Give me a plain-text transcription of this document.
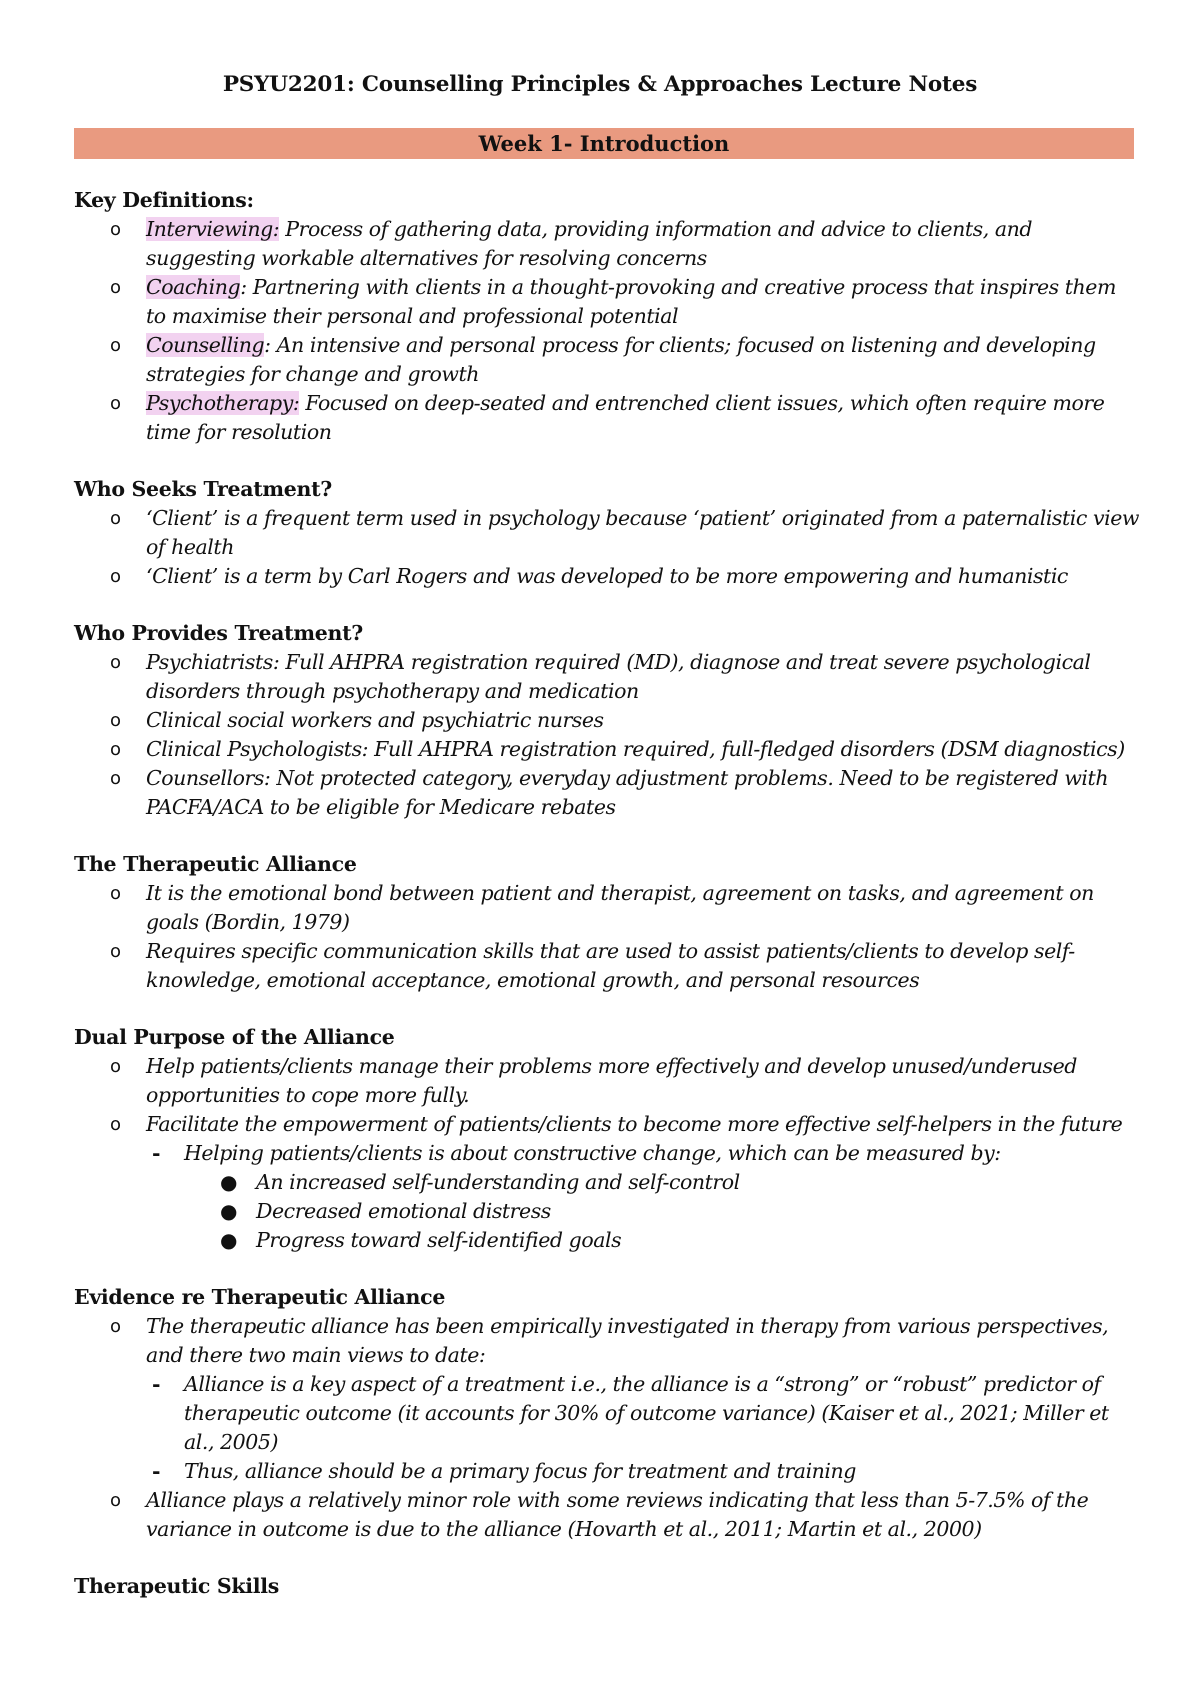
PSYU2201: Counselling Principles & Approaches Lecture Notes
Week 1- Introduction
Key Definitions:
o Interviewing: Process of gathering data, providing information and advice to clients, and suggesting workable alternatives for resolving concerns
o Coaching: Partnering with clients in a thought-provoking and creative process that inspires them to maximise their personal and professional potential
o Counselling: An intensive and personal process for clients; focused on listening and developing strategies for change and growth
o Psychotherapy: Focused on deep-seated and entrenched client issues, which often require more time for resolution
Who Seeks Treatment?
o ‘Client’ is a frequent term used in psychology because ‘patient’ originated from a paternalistic view of health
o ‘Client’ is a term by Carl Rogers and was developed to be more empowering and humanistic
Who Provides Treatment?
o Psychiatrists: Full AHPRA registration required (MD), diagnose and treat severe psychological disorders through psychotherapy and medication
o Clinical social workers and psychiatric nurses
o Clinical Psychologists: Full AHPRA registration required, full-fledged disorders (DSM diagnostics)
o Counsellors: Not protected category, everyday adjustment problems. Need to be registered with PACFA/ACA to be eligible for Medicare rebates
The Therapeutic Alliance
o It is the emotional bond between patient and therapist, agreement on tasks, and agreement on goals (Bordin, 1979)
o Requires specific communication skills that are used to assist patients/clients to develop self-knowledge, emotional acceptance, emotional growth, and personal resources
Dual Purpose of the Alliance
o Help patients/clients manage their problems more effectively and develop unused/underused opportunities to cope more fully.
o Facilitate the empowerment of patients/clients to become more effective self-helpers in the future
- Helping patients/clients is about constructive change, which can be measured by:
● An increased self-understanding and self-control
● Decreased emotional distress
● Progress toward self-identified goals
Evidence re Therapeutic Alliance
o The therapeutic alliance has been empirically investigated in therapy from various perspectives, and there two main views to date:
- Alliance is a key aspect of a treatment i.e., the alliance is a “strong” or “robust” predictor of therapeutic outcome (it accounts for 30% of outcome variance) (Kaiser et al., 2021; Miller et al., 2005)
- Thus, alliance should be a primary focus for treatment and training
o Alliance plays a relatively minor role with some reviews indicating that less than 5-7.5% of the variance in outcome is due to the alliance (Hovarth et al., 2011; Martin et al., 2000)
Therapeutic Skills
